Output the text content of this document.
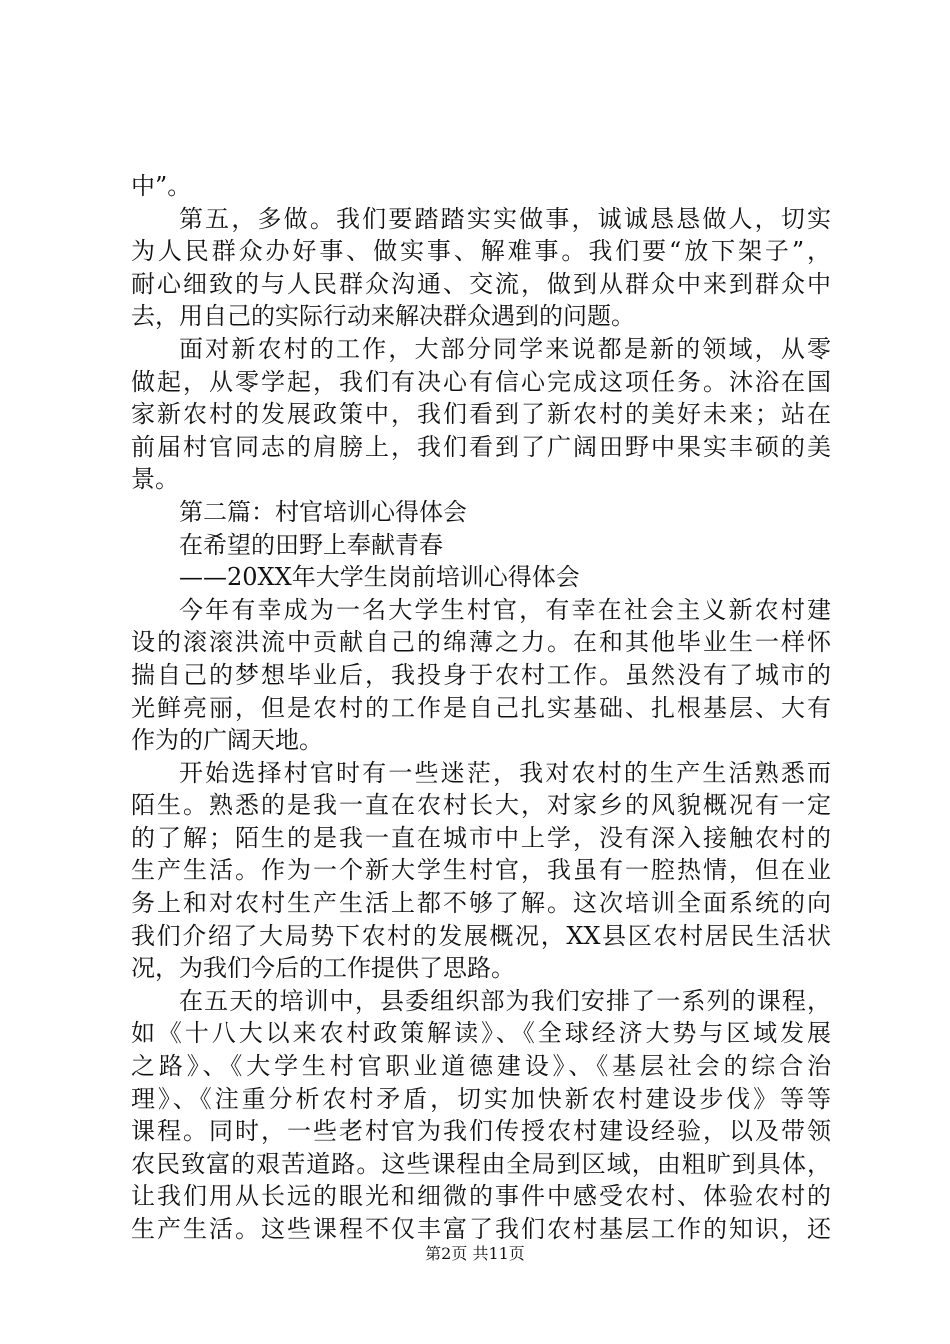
中”。
第五，多做。我们要踏踏实实做事，诚诚恳恳做人，切实
为人民群众办好事、做实事、解难事。我们要“放下架子”，
耐心细致的与人民群众沟通、交流，做到从群众中来到群众中
去，用自己的实际行动来解决群众遇到的问题。
面对新农村的工作，大部分同学来说都是新的领域，从零
做起，从零学起，我们有决心有信心完成这项任务。沐浴在国
家新农村的发展政策中，我们看到了新农村的美好未来；站在
前届村官同志的肩膀上，我们看到了广阔田野中果实丰硕的美
景。
第二篇：村官培训心得体会
在希望的田野上奉献青春
——20XX年大学生岗前培训心得体会
今年有幸成为一名大学生村官，有幸在社会主义新农村建
设的滚滚洪流中贡献自己的绵薄之力。在和其他毕业生一样怀
揣自己的梦想毕业后，我投身于农村工作。虽然没有了城市的
光鲜亮丽，但是农村的工作是自己扎实基础、扎根基层、大有
作为的广阔天地。
开始选择村官时有一些迷茫，我对农村的生产生活熟悉而
陌生。熟悉的是我一直在农村长大，对家乡的风貌概况有一定
的了解；陌生的是我一直在城市中上学，没有深入接触农村的
生产生活。作为一个新大学生村官，我虽有一腔热情，但在业
务上和对农村生产生活上都不够了解。这次培训全面系统的向
我们介绍了大局势下农村的发展概况，XX县区农村居民生活状
况，为我们今后的工作提供了思路。
在五天的培训中，县委组织部为我们安排了一系列的课程，
如《十八大以来农村政策解读》、《全球经济大势与区域发展
之路》、《大学生村官职业道德建设》、《基层社会的综合治
理》、《注重分析农村矛盾，切实加快新农村建设步伐》等等
课程。同时，一些老村官为我们传授农村建设经验，以及带领
农民致富的艰苦道路。这些课程由全局到区域，由粗旷到具体，
让我们用从长远的眼光和细微的事件中感受农村、体验农村的
生产生活。这些课程不仅丰富了我们农村基层工作的知识，还
第2页 共11页
